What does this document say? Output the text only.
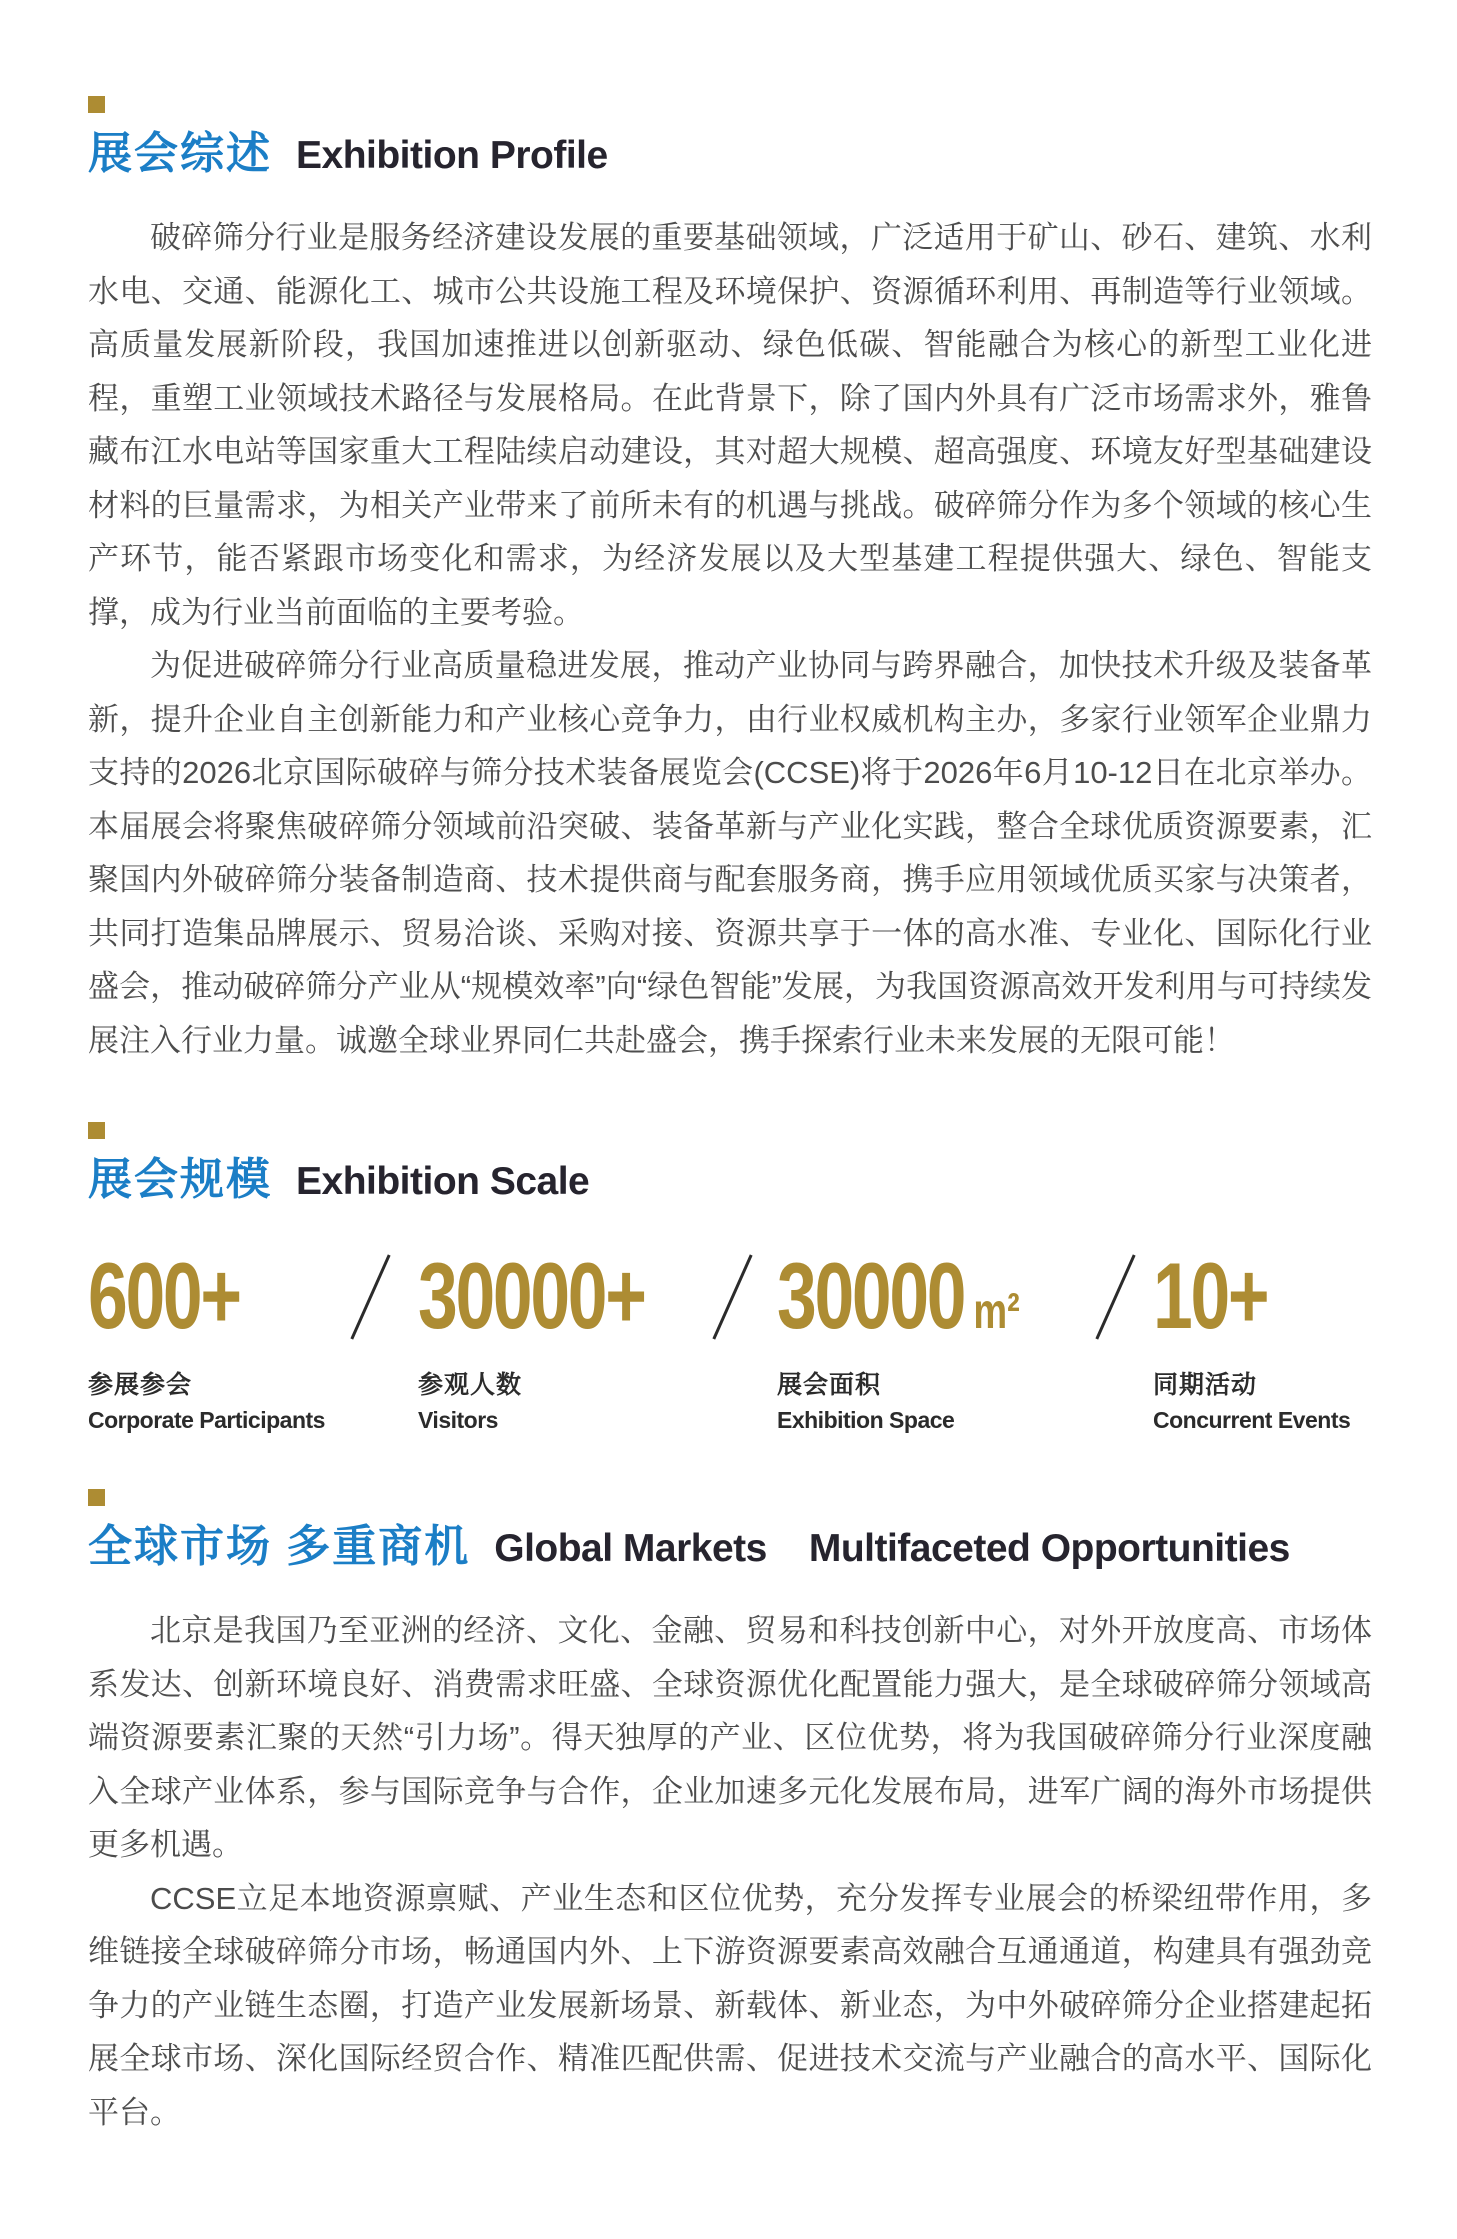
展会综述 Exhibition Profile

破碎筛分行业是服务经济建设发展的重要基础领域，广泛适用于矿山、砂石、建筑、水利水电、交通、能源化工、城市公共设施工程及环境保护、资源循环利用、再制造等行业领域。高质量发展新阶段，我国加速推进以创新驱动、绿色低碳、智能融合为核心的新型工业化进程，重塑工业领域技术路径与发展格局。在此背景下，除了国内外具有广泛市场需求外，雅鲁藏布江水电站等国家重大工程陆续启动建设，其对超大规模、超高强度、环境友好型基础建设材料的巨量需求，为相关产业带来了前所未有的机遇与挑战。破碎筛分作为多个领域的核心生产环节，能否紧跟市场变化和需求，为经济发展以及大型基建工程提供强大、绿色、智能支撑，成为行业当前面临的主要考验。

为促进破碎筛分行业高质量稳进发展，推动产业协同与跨界融合，加快技术升级及装备革新，提升企业自主创新能力和产业核心竞争力，由行业权威机构主办，多家行业领军企业鼎力支持的2026北京国际破碎与筛分技术装备展览会(CCSE)将于2026年6月10-12日在北京举办。本届展会将聚焦破碎筛分领域前沿突破、装备革新与产业化实践，整合全球优质资源要素，汇聚国内外破碎筛分装备制造商、技术提供商与配套服务商，携手应用领域优质买家与决策者，共同打造集品牌展示、贸易洽谈、采购对接、资源共享于一体的高水准、专业化、国际化行业盛会，推动破碎筛分产业从“规模效率”向“绿色智能”发展，为我国资源高效开发利用与可持续发展注入行业力量。诚邀全球业界同仁共赴盛会，携手探索行业未来发展的无限可能！

展会规模 Exhibition Scale
600+
参展参会
Corporate Participants
30000+
参观人数
Visitors
30000 m²
展会面积
Exhibition Space
10+
同期活动
Concurrent Events
全球市场 多重商机 Global Markets Multifaceted Opportunities

北京是我国乃至亚洲的经济、文化、金融、贸易和科技创新中心，对外开放度高、市场体系发达、创新环境良好、消费需求旺盛、全球资源优化配置能力强大，是全球破碎筛分领域高端资源要素汇聚的天然“引力场”。得天独厚的产业、区位优势，将为我国破碎筛分行业深度融入全球产业体系，参与国际竞争与合作，企业加速多元化发展布局，进军广阔的海外市场提供更多机遇。

CCSE立足本地资源禀赋、产业生态和区位优势，充分发挥专业展会的桥梁纽带作用，多维链接全球破碎筛分市场，畅通国内外、上下游资源要素高效融合互通通道，构建具有强劲竞争力的产业链生态圈，打造产业发展新场景、新载体、新业态，为中外破碎筛分企业搭建起拓展全球市场、深化国际经贸合作、精准匹配供需、促进技术交流与产业融合的高水平、国际化平台。
